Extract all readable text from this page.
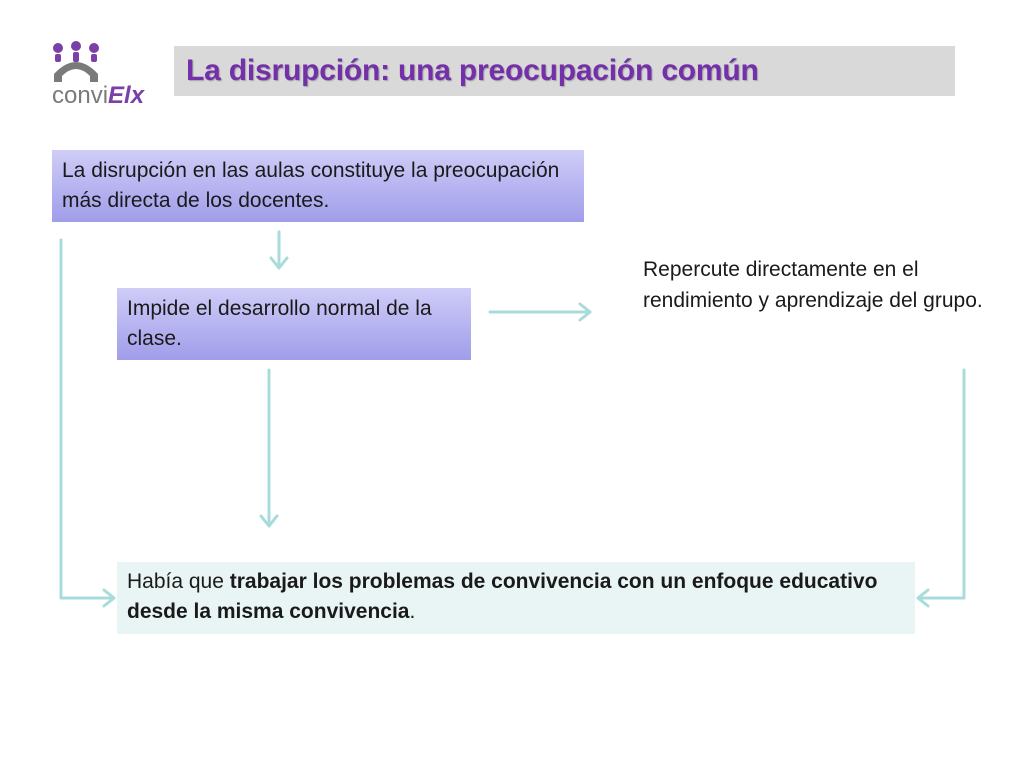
conviElx
La disrupción: una preocupación común
La disrupción en las aulas constituye la preocupación más directa de los docentes.
Impide el desarrollo normal de la clase.
Repercute directamente en el rendimiento y aprendizaje del grupo.
Había que trabajar los problemas de convivencia con un enfoque educativo desde la misma convivencia.
